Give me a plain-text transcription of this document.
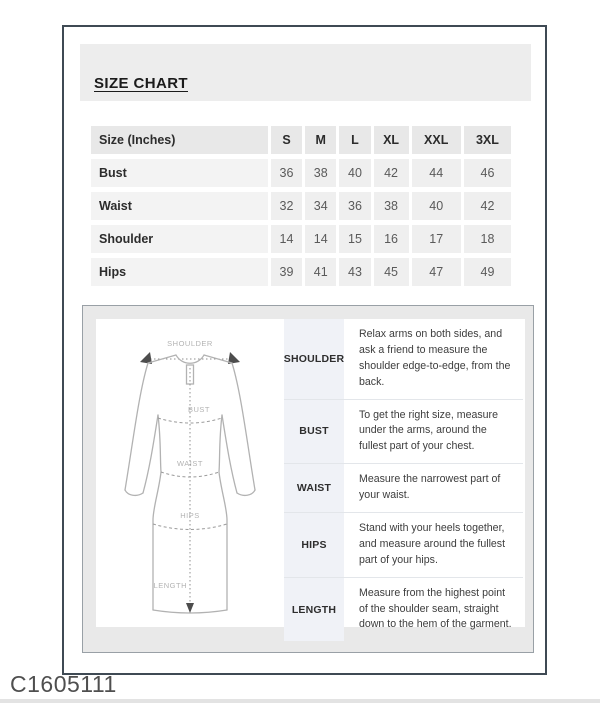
SIZE CHART
Size (Inches)	S	M	L	XL	XXL	3XL
Bust	36	38	40	42	44	46
Waist	32	34	36	38	40	42
Shoulder	14	14	15	16	17	18
Hips	39	41	43	45	47	49
SHOULDER
BUST
WAIST
HIPS
LENGTH
SHOULDER
Relax arms on both sides, and ask a friend to measure the shoulder edge-to-edge, from the back.
BUST
To get the right size, measure under the arms, around the fullest part of your chest.
WAIST
Measure the narrowest part of your waist.
HIPS
Stand with your heels together, and measure around the fullest part of your hips.
LENGTH
Measure from the highest point of the shoulder seam, straight down to the hem of the garment.
C1605111
